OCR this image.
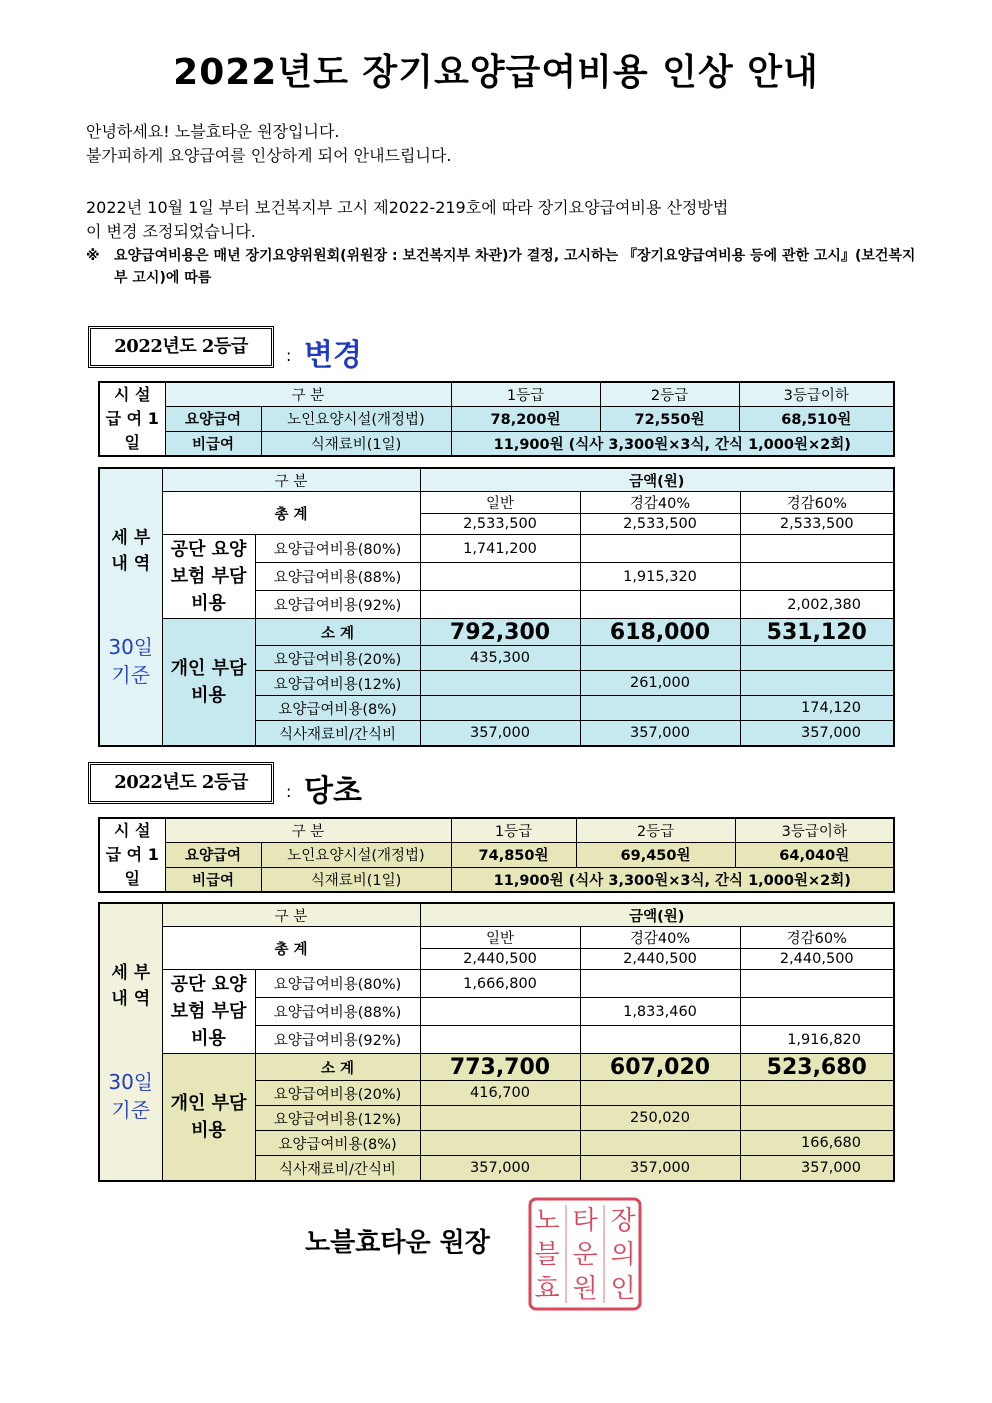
2022년도 장기요양급여비용 인상 안내
안녕하세요! 노블효타운 원장입니다.
불가피하게 요양급여를 인상하게 되어 안내드립니다.
2022년 10월 1일 부터 보건복지부 고시 제2022-219호에 따라 장기요양급여비용 산정방법
이 변경 조정되었습니다.
※ 요양급여비용은 매년 장기요양위원회(위원장 : 보건복지부 차관)가 결정, 고시하는 『장기요양급여비용 등에 관한 고시』(보건복지부 고시)에 따름
2022년도 2등급	: 변경
시 설 급 여 1 일	구 분		1등급	2등급	3등급이하
	요양급여	노인요양시설(개정법)	78,200원	72,550원	68,510원
	비급여	식재료비(1일)	11,900원 (식사 3,300원×3식, 간식 1,000원×2회)		
세 부 내 역
30일 기준	구 분		금액(원)		
	총 계		일반	경감40%	경감60%
			2,533,500	2,533,500	2,533,500
	공단 요양보험 부담비용	요양급여비용(80%)	1,741,200		
		요양급여비용(88%)		1,915,320	
		요양급여비용(92%)			2,002,380
	개인 부담비용	소 계	792,300	618,000	531,120
		요양급여비용(20%)	435,300		
		요양급여비용(12%)		261,000	
		요양급여비용(8%)			174,120
		식사재료비/간식비	357,000	357,000	357,000
2022년도 2등급	: 당초
시 설 급 여 1 일	구 분		1등급	2등급	3등급이하
	요양급여	노인요양시설(개정법)	74,850원	69,450원	64,040원
	비급여	식재료비(1일)	11,900원 (식사 3,300원×3식, 간식 1,000원×2회)		
세 부 내 역
30일 기준	구 분		금액(원)		
	총 계		일반	경감40%	경감60%
			2,440,500	2,440,500	2,440,500
	공단 요양보험 부담비용	요양급여비용(80%)	1,666,800		
		요양급여비용(88%)		1,833,460	
		요양급여비용(92%)			1,916,820
	개인 부담비용	소 계	773,700	607,020	523,680
		요양급여비용(20%)	416,700		
		요양급여비용(12%)		250,020	
		요양급여비용(8%)			166,680
		식사재료비/간식비	357,000	357,000	357,000
노블효타운 원장
노
블
효
타
운
원
장
의
인
